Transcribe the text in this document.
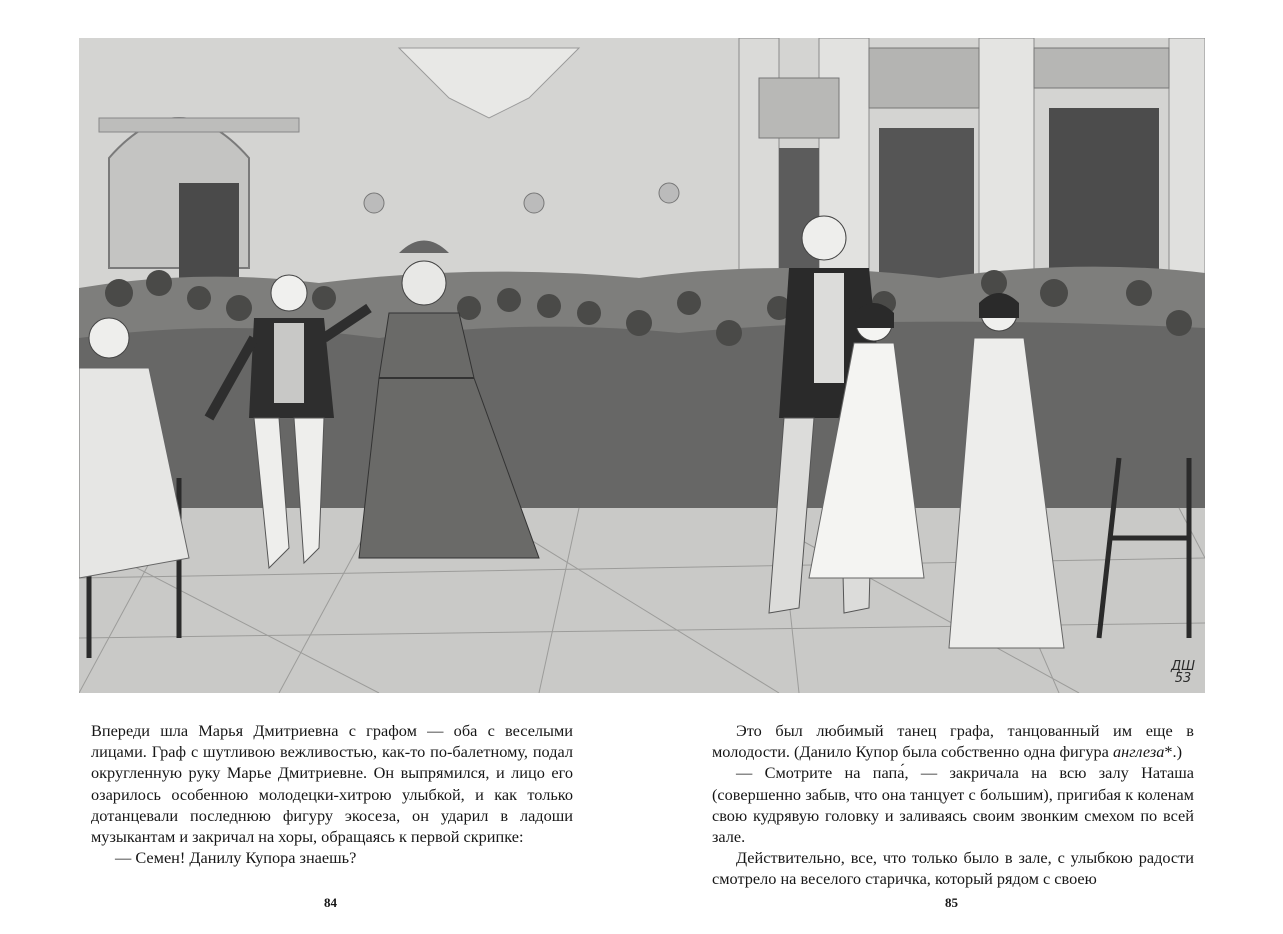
ДШ
53

Впереди шла Марья Дмитриевна с графом — оба с веселыми лицами. Граф с шутливою вежливостью, как-то по-балетному, подал округленную руку Марье Дмитриевне. Он выпрямился, и лицо его озарилось особенною молодецки-хитрою улыбкой, и как только дотанцевали последнюю фигуру экосеза, он ударил в ладоши музыкантам и закричал на хоры, обращаясь к первой скрипке:

— Семен! Данилу Купора знаешь?

84

Это был любимый танец графа, танцованный им еще в молодости. (Данило Купор была собственно одна фигура англеза*.)

— Смотрите на папа́, — закричала на всю залу Наташа (совершенно забыв, что она танцует с большим), пригибая к коленам свою кудрявую головку и заливаясь своим звонким смехом по всей зале.

Действительно, все, что только было в зале, с улыбкою радости смотрело на веселого старичка, который рядом с своею

85
